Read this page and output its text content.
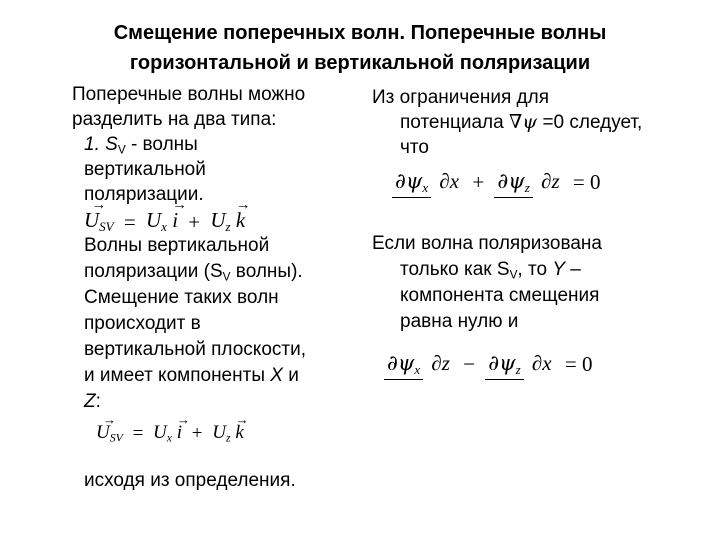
Смещение поперечных волн. Поперечные волны
горизонтальной и вертикальной поляризации
Поперечные волны можно
разделить на два типа:
1. $S_V$ - волны
вертикальной
поляризации.
→ $U_{SV} = U_x \to i + U_z \to k$
Волны вертикальной
поляризации ($S_V$ волны).
Смещение таких волн
происходит в
вертикальной плоскости,
и имеет компоненты X и
Z:
→ $U_{SV} = U_x \to i + U_z \to k$
исходя из определения.
Из ограничения для
потенциала ∇ψ =0 следует,
что
$\partial\psi_x$ $\partial x + \partial\psi_z$ ∂z = 0
Если волна поляризована
только как $S_V$, то Y –
компонента смещения
равна нулю и
$\partial\psi_x$ $\partial z - \partial\psi_z$ ∂x = 0
